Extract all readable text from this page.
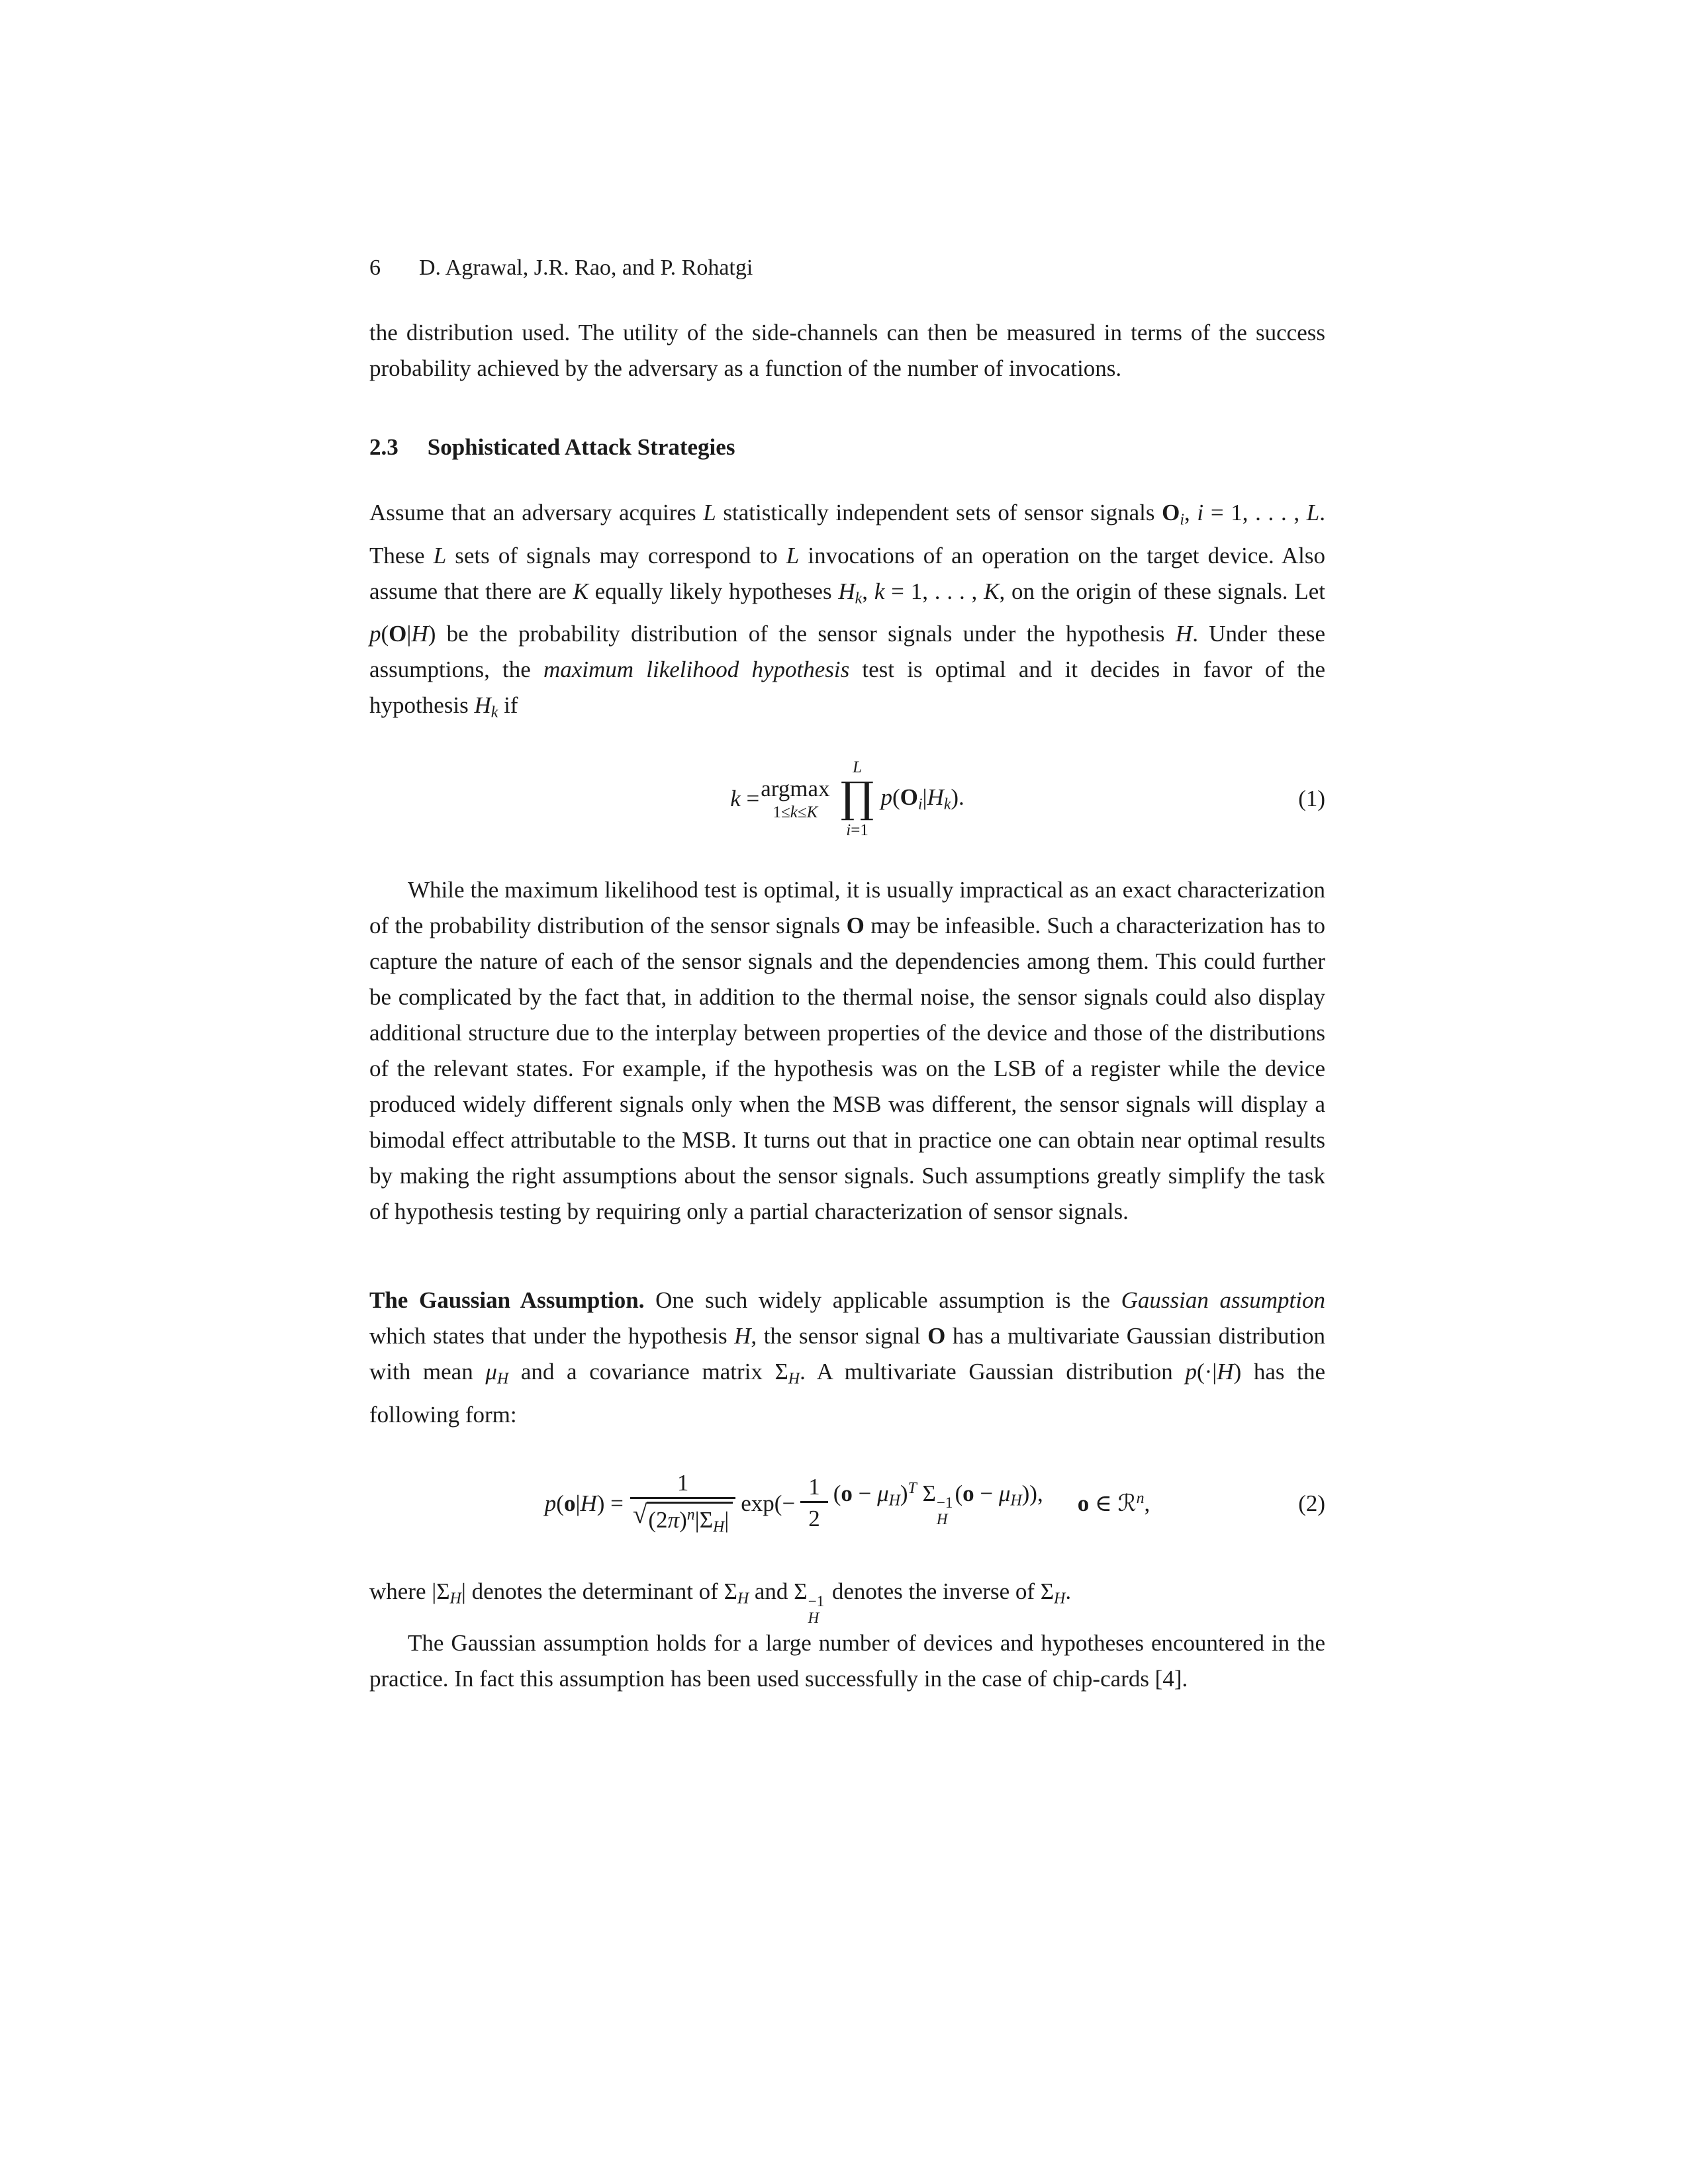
6 D. Agrawal, J.R. Rao, and P. Rohatgi

the distribution used. The utility of the side-channels can then be measured in terms of the success probability achieved by the adversary as a function of the number of invocations.

2.3 Sophisticated Attack Strategies

Assume that an adversary acquires L statistically independent sets of sensor signals Oi, i = 1, . . . , L. These L sets of signals may correspond to L invocations of an operation on the target device. Also assume that there are K equally likely hypotheses Hk, k = 1, . . . , K, on the origin of these signals. Let p(O|H) be the probability distribution of the sensor signals under the hypothesis H. Under these assumptions, the maximum likelihood hypothesis test is optimal and it decides in favor of the hypothesis Hk if

k = argmax
1≤k≤K
L
∏
i=1
p(Oi|Hk).	(1)

While the maximum likelihood test is optimal, it is usually impractical as an exact characterization of the probability distribution of the sensor signals O may be infeasible. Such a characterization has to capture the nature of each of the sensor signals and the dependencies among them. This could further be complicated by the fact that, in addition to the thermal noise, the sensor signals could also display additional structure due to the interplay between properties of the device and those of the distributions of the relevant states. For example, if the hypothesis was on the LSB of a register while the device produced widely different signals only when the MSB was different, the sensor signals will display a bimodal effect attributable to the MSB. It turns out that in practice one can obtain near optimal results by making the right assumptions about the sensor signals. Such assumptions greatly simplify the task of hypothesis testing by requiring only a partial characterization of sensor signals.

The Gaussian Assumption. One such widely applicable assumption is the Gaussian assumption which states that under the hypothesis H, the sensor signal O has a multivariate Gaussian distribution with mean μH and a covariance matrix ΣH. A multivariate Gaussian distribution p(·|H) has the following form:

$p(o|H) = \frac{1}{√ (2\pi)^n|\Sigma H|} \exp(- \frac{1}{2} (o - \mu H)^T$ Σ −1
H
(o − μH)), o ∈ ℛ$^n$,	(2)

where |ΣH| denotes the determinant of ΣH and Σ −1
H
denotes the inverse of ΣH.

The Gaussian assumption holds for a large number of devices and hypotheses encountered in the practice. In fact this assumption has been used successfully in the case of chip-cards [4].
